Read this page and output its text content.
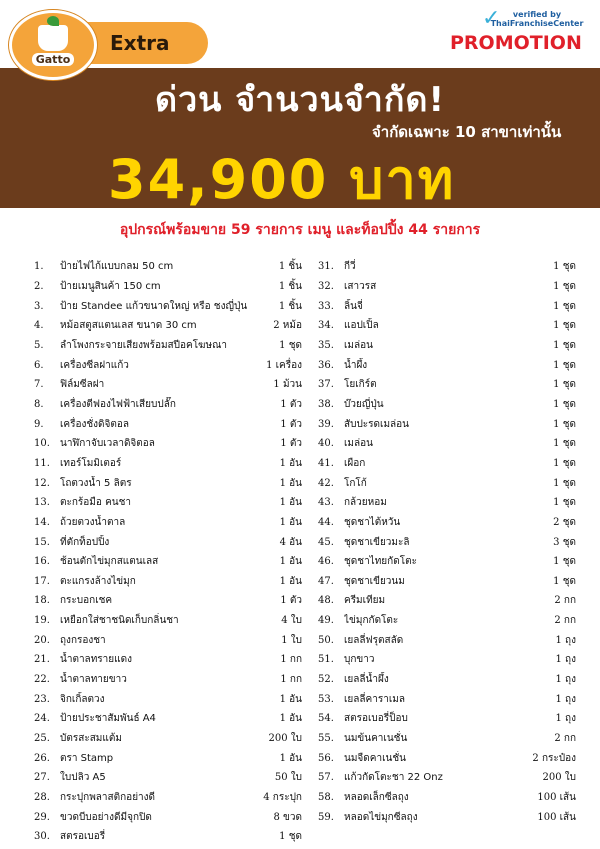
Gatto
Extra
✓	verified by
ThaiFranchiseCenter
PROMOTION
ด่วน จำนวนจำกัด!
จำกัดเฉพาะ 10 สาขาเท่านั้น
34,900 บาท
อุปกรณ์พร้อมขาย 59 รายการ เมนู และท็อปปิ้ง 44 รายการ
1.	ป้ายไฟไก้แบบกลม 50 cm	1 ชิ้น
2.	ป้ายเมนูสินค้า 150 cm	1 ชิ้น
3.	ป้าย Standee แก้วขนาดใหญ่ หรือ ชงญี่ปุ่น	1 ชิ้น
4.	หม้อสตูสแตนเลส ขนาด 30 cm	2 หม้อ
5.	ลำโพงกระจายเสียงพร้อมสปีอคโฆษณา	1 ชุด
6.	เครื่องซีลฝาแก้ว	1 เครื่อง
7.	ฟิล์มซีลฝา	1 ม้วน
8.	เครื่องตีฟองไฟฟ้าเสียบปลั๊ก	1 ตัว
9.	เครื่องชั่งดิจิตอล	1 ตัว
10.	นาฬิกาจับเวลาดิจิตอล	1 ตัว
11.	เทอร์โมมิเตอร์	1 อัน
12.	โถตวงน้ำ 5 ลิตร	1 อัน
13.	ตะกร้อมือ คนชา	1 อัน
14.	ถ้วยตวงน้ำตาล	1 อัน
15.	ที่ตักท็อปปิ้ง	4 อัน
16.	ช้อนตักไข่มุกสแตนเลส	1 อัน
17.	ตะแกรงล้างไข่มุก	1 อัน
18.	กระบอกเชค	1 ตัว
19.	เหยือกใส่ชาชนิดเก็บกลิ่นชา	4 ใบ
20.	ถุงกรองชา	1 ใบ
21.	น้ำตาลทรายแดง	1 กก
22.	น้ำตาลทายขาว	1 กก
23.	จิกเกิ้ลตวง	1 อัน
24.	ป้ายประชาสัมพันธ์ A4	1 อัน
25.	บัตรสะสมแต้ม	200 ใบ
26.	ตรา Stamp	1 อัน
27.	ใบปลิว A5	50 ใบ
28.	กระปุกพลาสติกอย่างดี	4 กระปุก
29.	ขวดบีบอย่างดีมีจุกปิด	8 ขวด
30.	สตรอเบอรี่	1 ชุด
31.	กีวี่	1 ชุด
32.	เสาวรส	1 ชุด
33.	ลิ้นจี่	1 ชุด
34.	แอปเปิ้ล	1 ชุด
35.	เมล่อน	1 ชุด
36.	น้ำผึ้ง	1 ชุด
37.	โยเกิร์ต	1 ชุด
38.	บ๊วยญี่ปุ่น	1 ชุด
39.	สับปะรดเมล่อน	1 ชุด
40.	เมล่อน	1 ชุด
41.	เผือก	1 ชุด
42.	โกโก้	1 ชุด
43.	กล้วยหอม	1 ชุด
44.	ชุดชาไต้หวัน	2 ชุด
45.	ชุดชาเขียวมะลิ	3 ชุด
46.	ชุดชาไทยกัดโตะ	1 ชุด
47.	ชุดชาเขียวนม	1 ชุด
48.	ครีมเทียม	2 กก
49.	ไข่มุกกัดโตะ	2 กก
50.	เยลลี่ฟรุตสลัด	1 ถุง
51.	บุกขาว	1 ถุง
52.	เยลลี่น้ำผึ้ง	1 ถุง
53.	เยลลี่คาราเมล	1 ถุง
54.	สตรอเบอรี่ป็อบ	1 ถุง
55.	นมข้นคาเนชั่น	2 กก
56.	นมจืดคาเนชั่น	2 กระป๋อง
57.	แก้วกัดโตะชา 22 Onz	200 ใบ
58.	หลอดเล็กซีลถุง	100 เส้น
59.	หลอดไข่มุกซีลถุง	100 เส้น
